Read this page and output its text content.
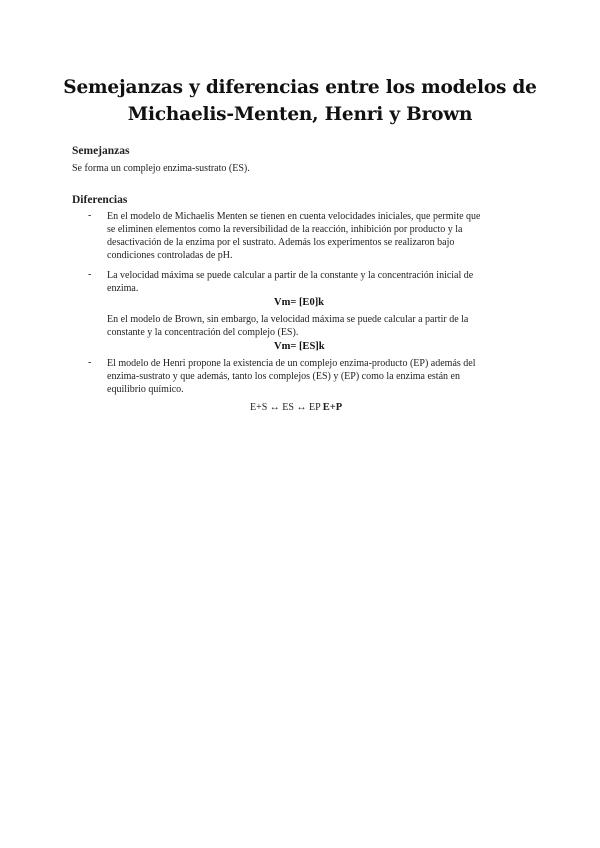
Semejanzas y diferencias entre los modelos de
Michaelis-Menten, Henri y Brown
Semejanzas
Se forma un complejo enzima-sustrato (ES).
Diferencias
- En el modelo de Michaelis Menten se tienen en cuenta velocidades iniciales, que permite que
se eliminen elementos como la reversibilidad de la reacción, inhibición por producto y la
desactivación de la enzima por el sustrato. Además los experimentos se realizaron bajo
condiciones controladas de pH.
- La velocidad máxima se puede calcular a partir de la constante y la concentración inicial de
enzima.
Vm= [E0]k
En el modelo de Brown, sin embargo, la velocidad máxima se puede calcular a partir de la
constante y la concentración del complejo (ES).
Vm= [ES]k
- El modelo de Henri propone la existencia de un complejo enzima-producto (EP) además del
enzima-sustrato y que además, tanto los complejos (ES) y (EP) como la enzima están en
equilibrio químico.
E+S ↔ ES ↔ EP E+P
